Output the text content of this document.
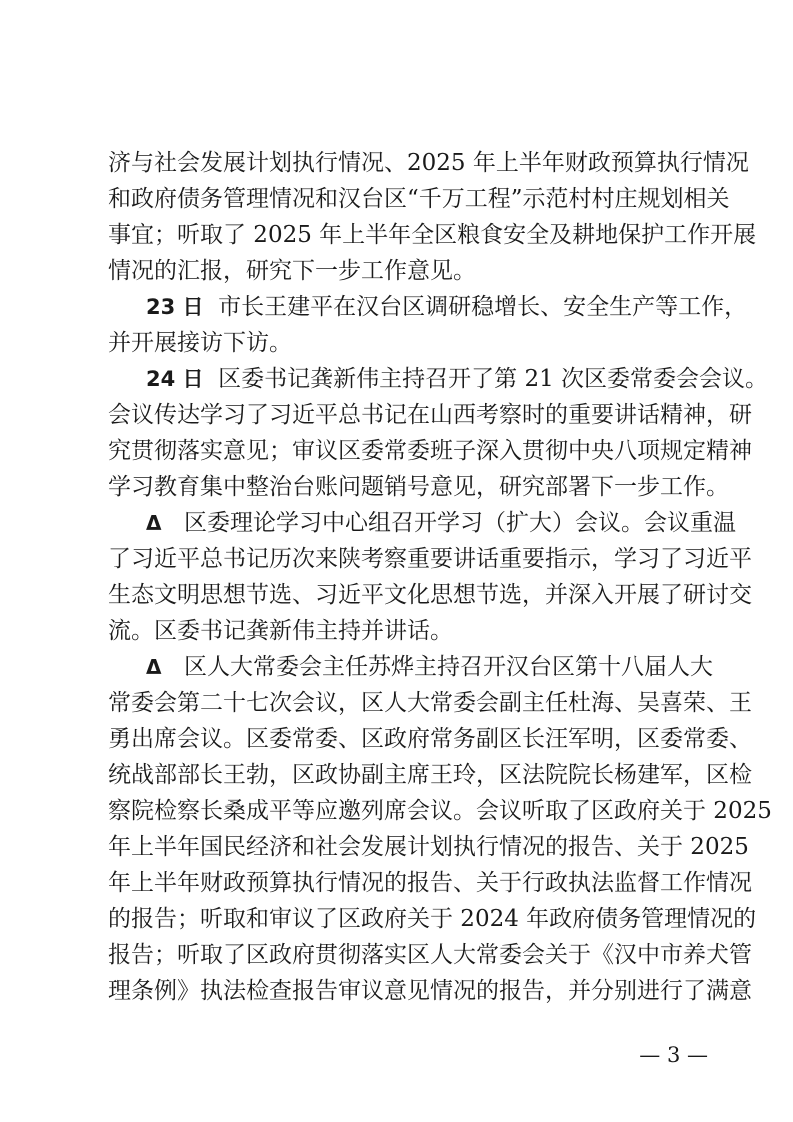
济与社会发展计划执行情况、2025 年上半年财政预算执行情况
和政府债务管理情况和汉台区“千万工程”示范村村庄规划相关
事宜；听取了 2025 年上半年全区粮食安全及耕地保护工作开展
情况的汇报，研究下一步工作意见。
23 日 市长王建平在汉台区调研稳增长、安全生产等工作，
并开展接访下访。
24 日 区委书记龚新伟主持召开了第 21 次区委常委会会议。
会议传达学习了习近平总书记在山西考察时的重要讲话精神，研
究贯彻落实意见；审议区委常委班子深入贯彻中央八项规定精神
学习教育集中整治台账问题销号意见，研究部署下一步工作。
Δ 区委理论学习中心组召开学习（扩大）会议。会议重温
了习近平总书记历次来陕考察重要讲话重要指示，学习了习近平
生态文明思想节选、习近平文化思想节选，并深入开展了研讨交
流。区委书记龚新伟主持并讲话。
Δ 区人大常委会主任苏烨主持召开汉台区第十八届人大
常委会第二十七次会议，区人大常委会副主任杜海、吴喜荣、王
勇出席会议。区委常委、区政府常务副区长汪军明，区委常委、
统战部部长王勃，区政协副主席王玲，区法院院长杨建军，区检
察院检察长桑成平等应邀列席会议。会议听取了区政府关于 2025
年上半年国民经济和社会发展计划执行情况的报告、关于 2025
年上半年财政预算执行情况的报告、关于行政执法监督工作情况
的报告；听取和审议了区政府关于 2024 年政府债务管理情况的
报告；听取了区政府贯彻落实区人大常委会关于《汉中市养犬管
理条例》执法检查报告审议意见情况的报告，并分别进行了满意
— 3 —
